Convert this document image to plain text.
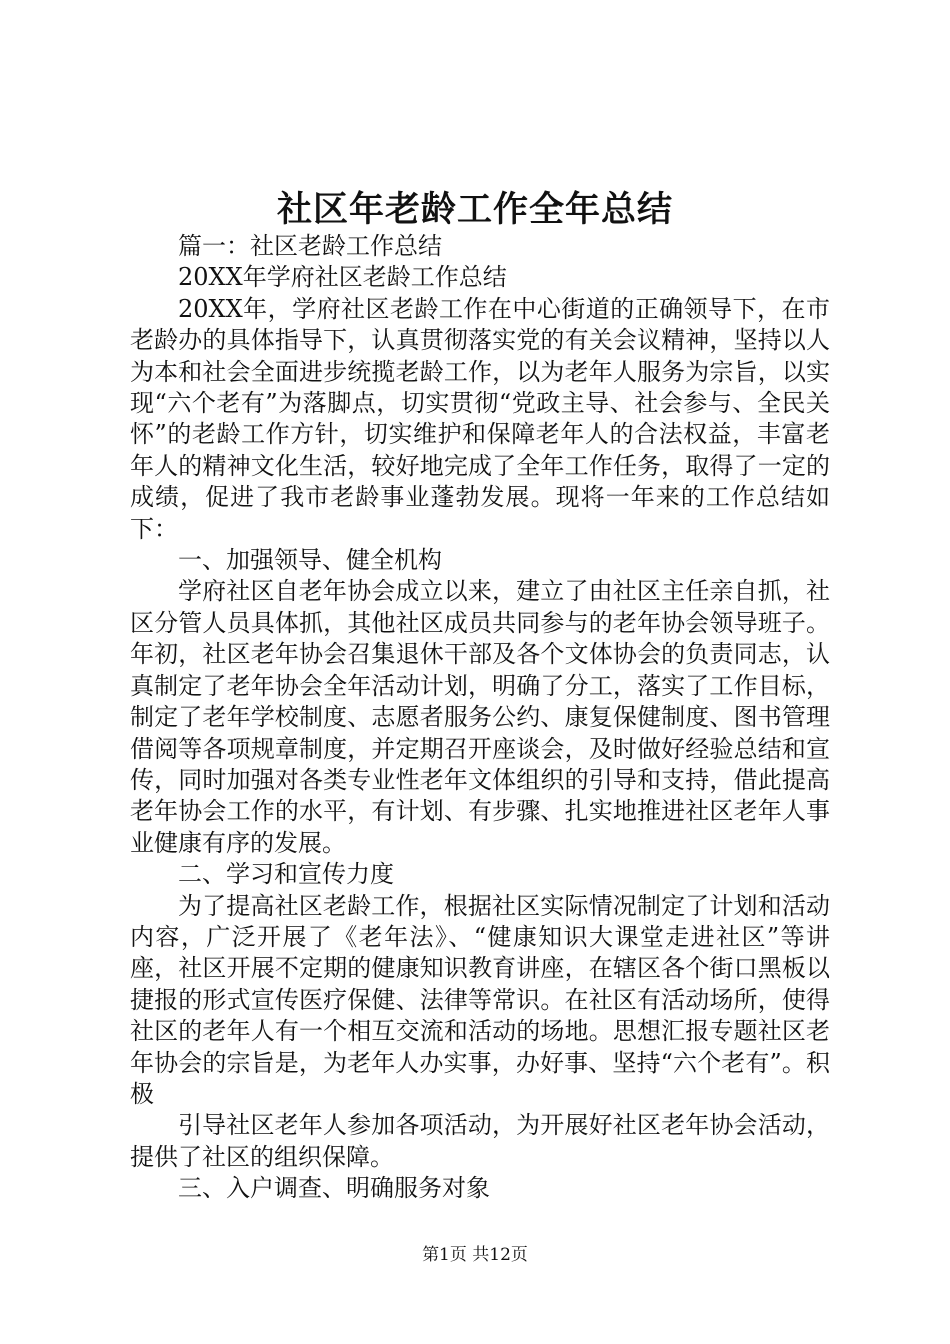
社区年老龄工作全年总结

篇一：社区老龄工作总结

20XX年学府社区老龄工作总结

20XX年，学府社区老龄工作在中心街道的正确领导下，在市老龄办的具体指导下，认真贯彻落实党的有关会议精神，坚持以人为本和社会全面进步统揽老龄工作，以为老年人服务为宗旨，以实现“六个老有”为落脚点，切实贯彻“党政主导、社会参与、全民关怀”的老龄工作方针，切实维护和保障老年人的合法权益，丰富老年人的精神文化生活，较好地完成了全年工作任务，取得了一定的成绩，促进了我市老龄事业蓬勃发展。现将一年来的工作总结如下：

一、加强领导、健全机构

学府社区自老年协会成立以来，建立了由社区主任亲自抓，社区分管人员具体抓，其他社区成员共同参与的老年协会领导班子。年初，社区老年协会召集退休干部及各个文体协会的负责同志，认真制定了老年协会全年活动计划，明确了分工，落实了工作目标，制定了老年学校制度、志愿者服务公约、康复保健制度、图书管理借阅等各项规章制度，并定期召开座谈会，及时做好经验总结和宣传，同时加强对各类专业性老年文体组织的引导和支持，借此提高老年协会工作的水平，有计划、有步骤、扎实地推进社区老年人事业健康有序的发展。

二、学习和宣传力度

为了提高社区老龄工作，根据社区实际情况制定了计划和活动内容，广泛开展了《老年法》、“健康知识大课堂走进社区”等讲座，社区开展不定期的健康知识教育讲座，在辖区各个街口黑板以捷报的形式宣传医疗保健、法律等常识。在社区有活动场所，使得社区的老年人有一个相互交流和活动的场地。思想汇报专题社区老年协会的宗旨是，为老年人办实事，办好事、坚持“六个老有”。积极

引导社区老年人参加各项活动，为开展好社区老年协会活动，提供了社区的组织保障。

三、入户调查、明确服务对象

第1页 共12页
